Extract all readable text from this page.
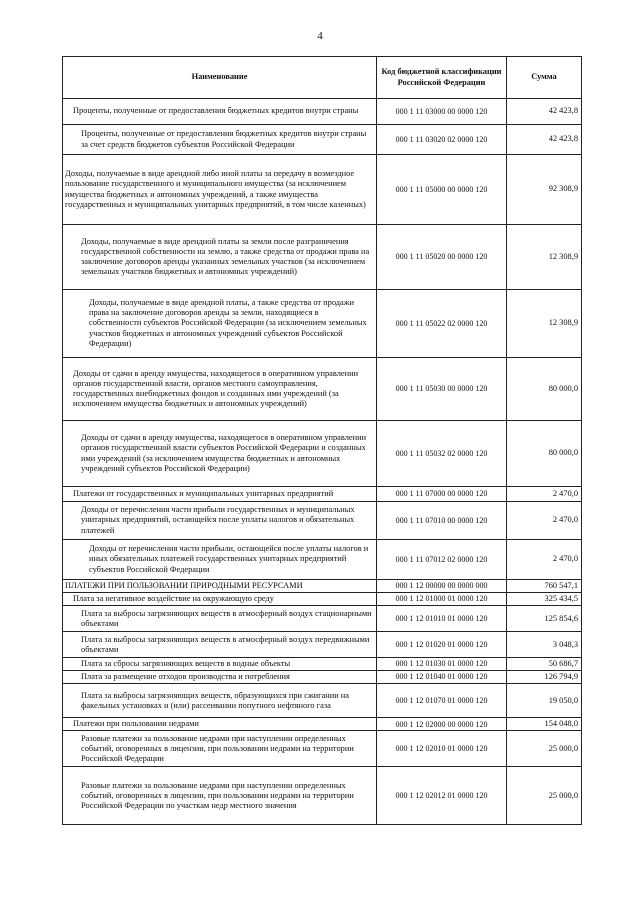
4
Наименование	Код бюджетной классификации Российской Федерации	Сумма
Проценты, полученные от предоставления бюджетных кредитов внутри страны	000 1 11 03000 00 0000 120	42 423,8
Проценты, полученные от предоставления бюджетных кредитов внутри страны за счет средств бюджетов субъектов Российской Федерации	000 1 11 03020 02 0000 120	42 423,8
Доходы, получаемые в виде арендной либо иной платы за передачу в возмездное пользование государственного и муниципального имущества (за исключением имущества бюджетных и автономных учреждений, а также имущества государственных и муниципальных унитарных предприятий, в том числе казенных)	000 1 11 05000 00 0000 120	92 308,9
Доходы, получаемые в виде арендной платы за земли после разграничения государственной собственности на землю, а также средства от продажи права на заключение договоров аренды указанных земельных участков (за исключением земельных участков бюджетных и автономных учреждений)	000 1 11 05020 00 0000 120	12 308,9
Доходы, получаемые в виде арендной платы, а также средства от продажи права на заключение договоров аренды за земли, находящиеся в собственности субъектов Российской Федерации (за исключением земельных участков бюджетных и автономных учреждений субъектов Российской Федерации)	000 1 11 05022 02 0000 120	12 308,9
Доходы от сдачи в аренду имущества, находящегося в оперативном управлении органов государственной власти, органов местного самоуправления, государственных внебюджетных фондов и созданных ими учреждений (за исключением имущества бюджетных и автономных учреждений)	000 1 11 05030 00 0000 120	80 000,0
Доходы от сдачи в аренду имущества, находящегося в оперативном управлении органов государственной власти субъектов Российской Федерации и созданных ими учреждений (за исключением имущества бюджетных и автономных учреждений субъектов Российской Федерации)	000 1 11 05032 02 0000 120	80 000,0
Платежи от государственных и муниципальных унитарных предприятий	000 1 11 07000 00 0000 120	2 470,0
Доходы от перечисления части прибыли государственных и муниципальных унитарных предприятий, остающейся после уплаты налогов и обязательных платежей	000 1 11 07010 00 0000 120	2 470,0
Доходы от перечисления части прибыли, остающейся после уплаты налогов и иных обязательных платежей государственных унитарных предприятий субъектов Российской Федерации	000 1 11 07012 02 0000 120	2 470,0
ПЛАТЕЖИ ПРИ ПОЛЬЗОВАНИИ ПРИРОДНЫМИ РЕСУРСАМИ	000 1 12 00000 00 0000 000	760 547,1
Плата за негативное воздействие на окружающую среду	000 1 12 01000 01 0000 120	325 434,5
Плата за выбросы загрязняющих веществ в атмосферный воздух стационарными объектами	000 1 12 01010 01 0000 120	125 854,6
Плата за выбросы загрязняющих веществ в атмосферный воздух передвижными объектами	000 1 12 01020 01 0000 120	3 048,3
Плата за сбросы загрязняющих веществ в водные объекты	000 1 12 01030 01 0000 120	50 686,7
Плата за размещение отходов производства и потребления	000 1 12 01040 01 0000 120	126 794,9
Плата за выбросы загрязняющих веществ, образующихся при сжигании на факельных установках и (или) рассеивании попутного нефтяного газа	000 1 12 01070 01 0000 120	19 050,0
Платежи при пользовании недрами	000 1 12 02000 00 0000 120	154 048,0
Разовые платежи за пользование недрами при наступлении определенных событий, оговоренных в лицензии, при пользовании недрами на территории Российской Федерации	000 1 12 02010 01 0000 120	25 000,0
Разовые платежи за пользование недрами при наступлении определенных событий, оговоренных в лицензии, при пользовании недрами на территории Российской Федерации по участкам недр местного значения	000 1 12 02012 01 0000 120	25 000,0
